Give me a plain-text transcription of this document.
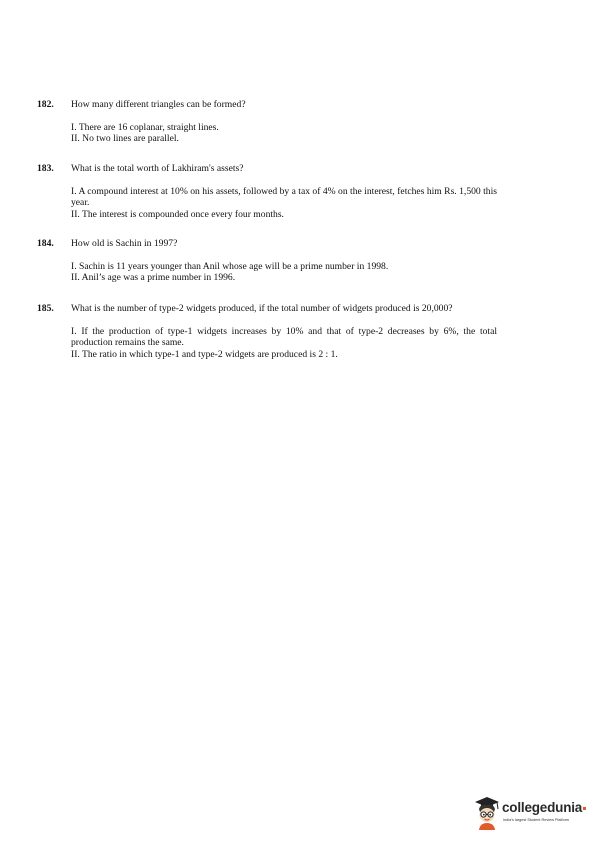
182.	How many different triangles can be formed?
I. There are 16 coplanar, straight lines.
II. No two lines are parallel.
183.	What is the total worth of Lakhiram's assets?
I. A compound interest at 10% on his assets, followed by a tax of 4% on the interest, fetches him Rs. 1,500 this year.
II. The interest is compounded once every four months.
184.	How old is Sachin in 1997?
I. Sachin is 11 years younger than Anil whose age will be a prime number in 1998.
II. Anil’s age was a prime number in 1996.
185.	What is the number of type-2 widgets produced, if the total number of widgets produced is 20,000?
I. If the production of type-1 widgets increases by 10% and that of type-2 decreases by 6%, the total production remains the same.
II. The ratio in which type-1 and type-2 widgets are produced is 2 : 1.
collegedunia
India's largest Student Review Platform
